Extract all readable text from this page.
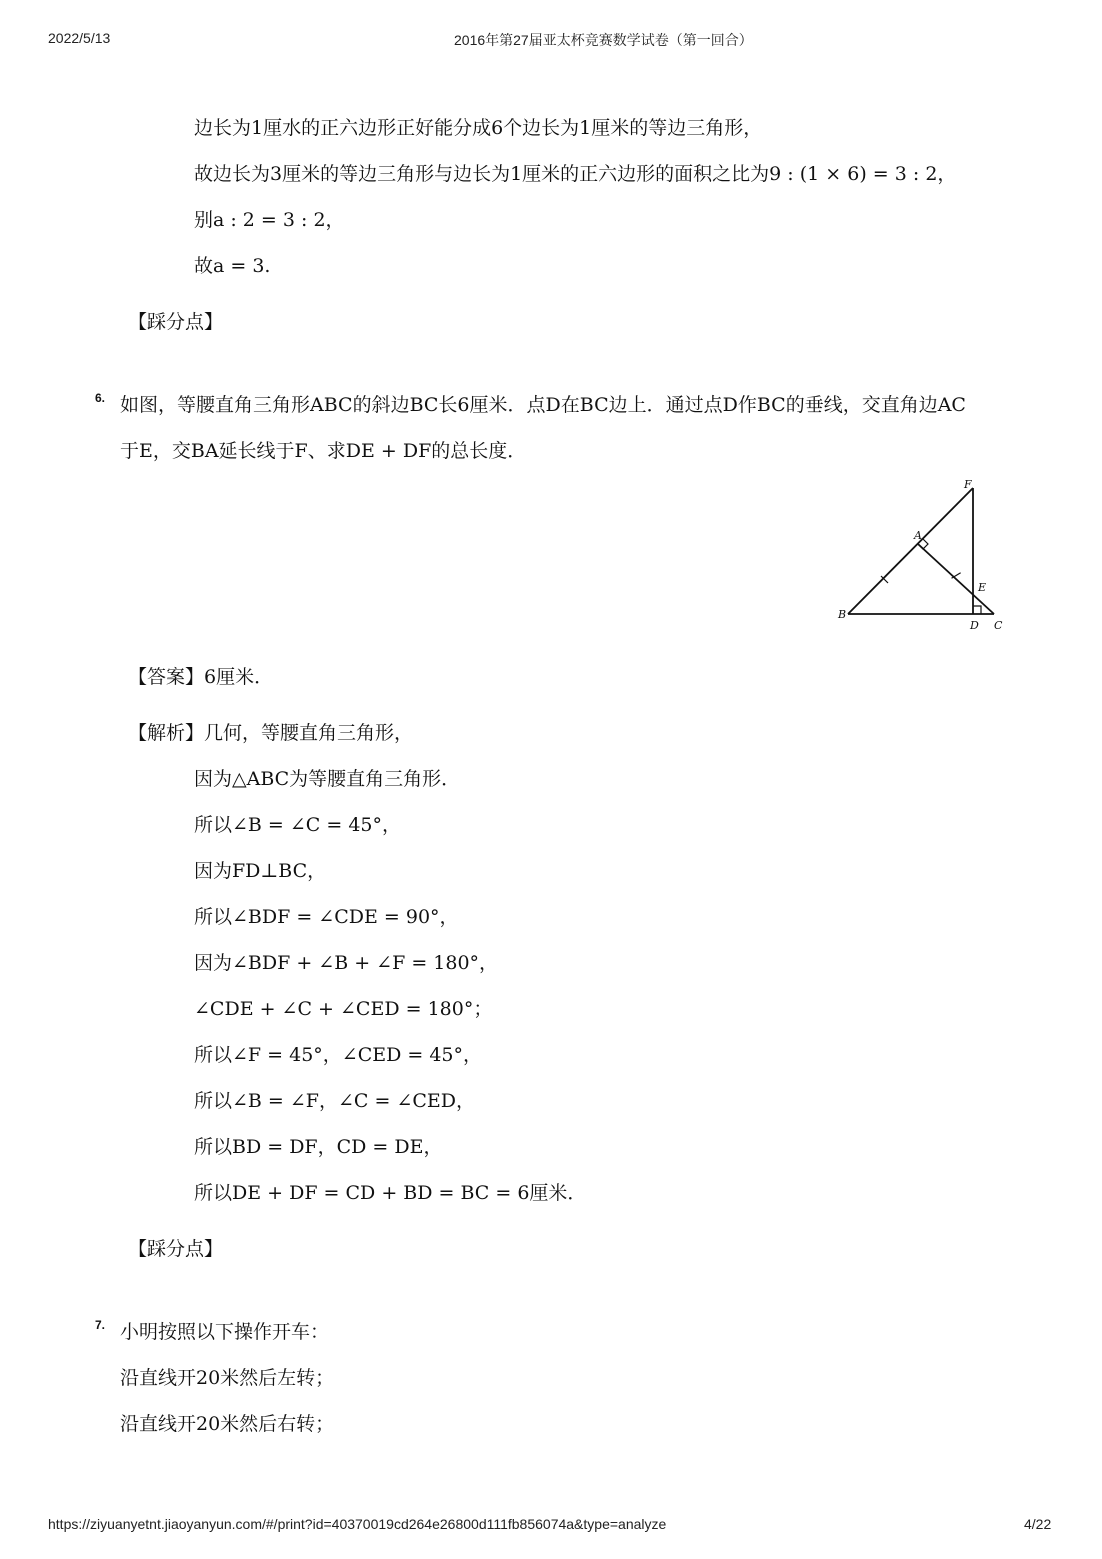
2022/5/13	2016年第27届亚太杯竞赛数学试卷（第一回合）
边长为1厘水的正六边形正好能分成6个边长为1厘米的等边三角形，
故边长为3厘米的等边三角形与边长为1厘米的正六边形的面积之比为9 : (1 × 6) = 3 : 2，
别a : 2 = 3 : 2，
故a = 3.
【踩分点】
6. 如图，等腰直角三角形ABC的斜边BC长6厘米．点D在BC边上．通过点D作BC的垂线，交直角边AC
于E，交BA延长线于F、求DE + DF的总长度．
A
B
C
D
E
F
【答案】6厘米．
【解析】几何，等腰直角三角形，
因为△ABC为等腰直角三角形．
所以∠B = ∠C = 45°，
因为FD⊥BC，
所以∠BDF = ∠CDE = 90°，
因为∠BDF + ∠B + ∠F = 180°，
∠CDE + ∠C + ∠CED = 180°；
所以∠F = 45°，∠CED = 45°，
所以∠B = ∠F，∠C = ∠CED，
所以BD = DF，CD = DE，
所以DE + DF = CD + BD = BC = 6厘米．
【踩分点】
7. 小明按照以下操作开车：
沿直线开20米然后左转；
沿直线开20米然后右转；
https://ziyuanyetnt.jiaoyanyun.com/#/print?id=40370019cd264e26800d111fb856074a&type=analyze	4/22
